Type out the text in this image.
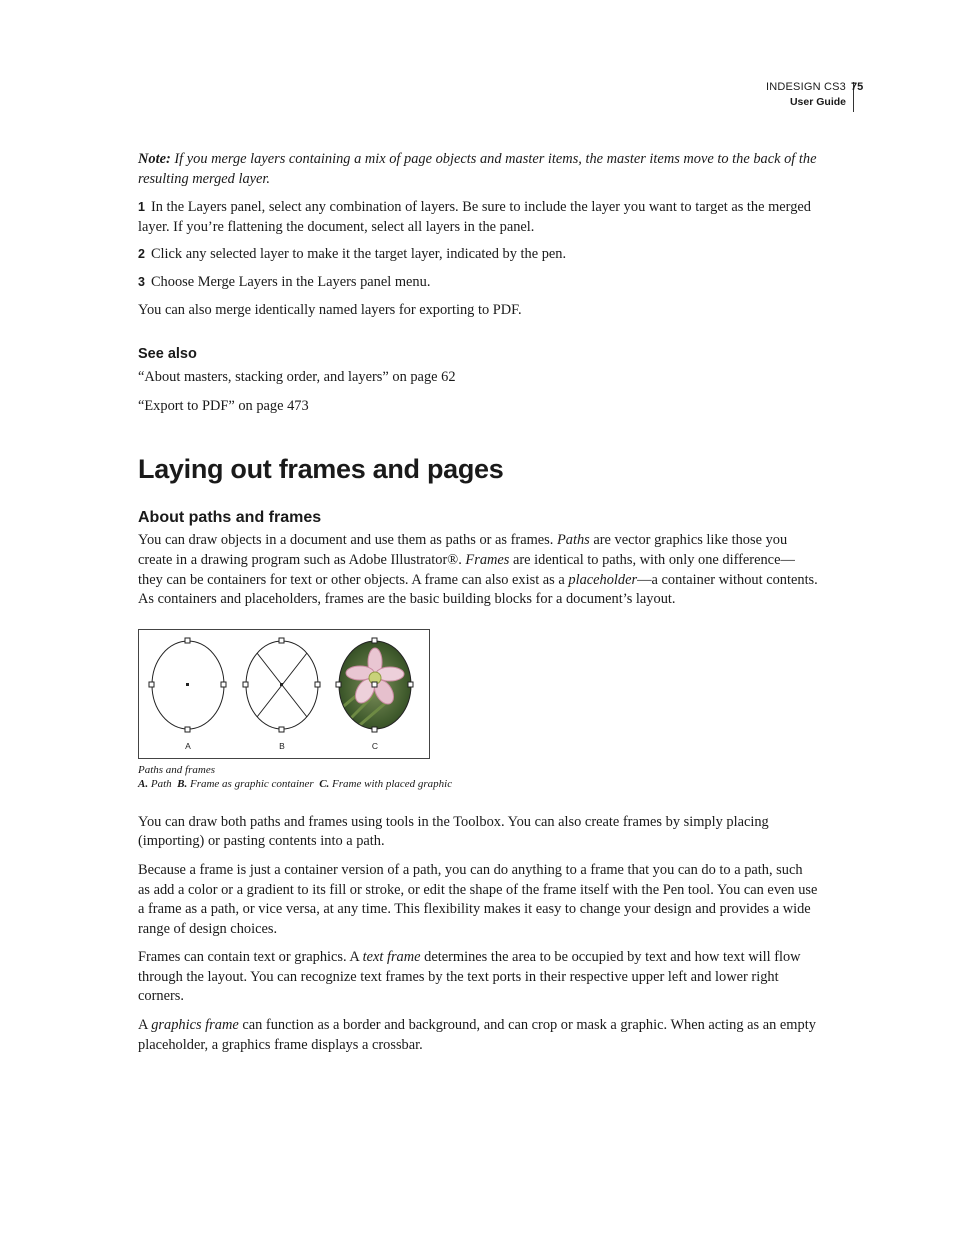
INDESIGN CS3
User Guide
75

Note: If you merge layers containing a mix of page objects and master items, the master items move to the back of the resulting merged layer.

1 In the Layers panel, select any combination of layers. Be sure to include the layer you want to target as the merged layer. If you’re flattening the document, select all layers in the panel.

2 Click any selected layer to make it the target layer, indicated by the pen.

3 Choose Merge Layers in the Layers panel menu.

You can also merge identically named layers for exporting to PDF.

See also

“About masters, stacking order, and layers” on page 62

“Export to PDF” on page 473

Laying out frames and pages
About paths and frames

You can draw objects in a document and use them as paths or as frames. Paths are vector graphics like those you create in a drawing program such as Adobe Illustrator®. Frames are identical to paths, with only one difference—they can be containers for text or other objects. A frame can also exist as a placeholder—a container without contents. As containers and placeholders, frames are the basic building blocks for a document’s layout.

A	B	C
Paths and frames
A. Path  B. Frame as graphic container  C. Frame with placed graphic

You can draw both paths and frames using tools in the Toolbox. You can also create frames by simply placing (importing) or pasting contents into a path.

Because a frame is just a container version of a path, you can do anything to a frame that you can do to a path, such as add a color or a gradient to its fill or stroke, or edit the shape of the frame itself with the Pen tool. You can even use a frame as a path, or vice versa, at any time. This flexibility makes it easy to change your design and provides a wide range of design choices.

Frames can contain text or graphics. A text frame determines the area to be occupied by text and how text will flow through the layout. You can recognize text frames by the text ports in their respective upper left and lower right corners.

A graphics frame can function as a border and background, and can crop or mask a graphic. When acting as an empty placeholder, a graphics frame displays a crossbar.
